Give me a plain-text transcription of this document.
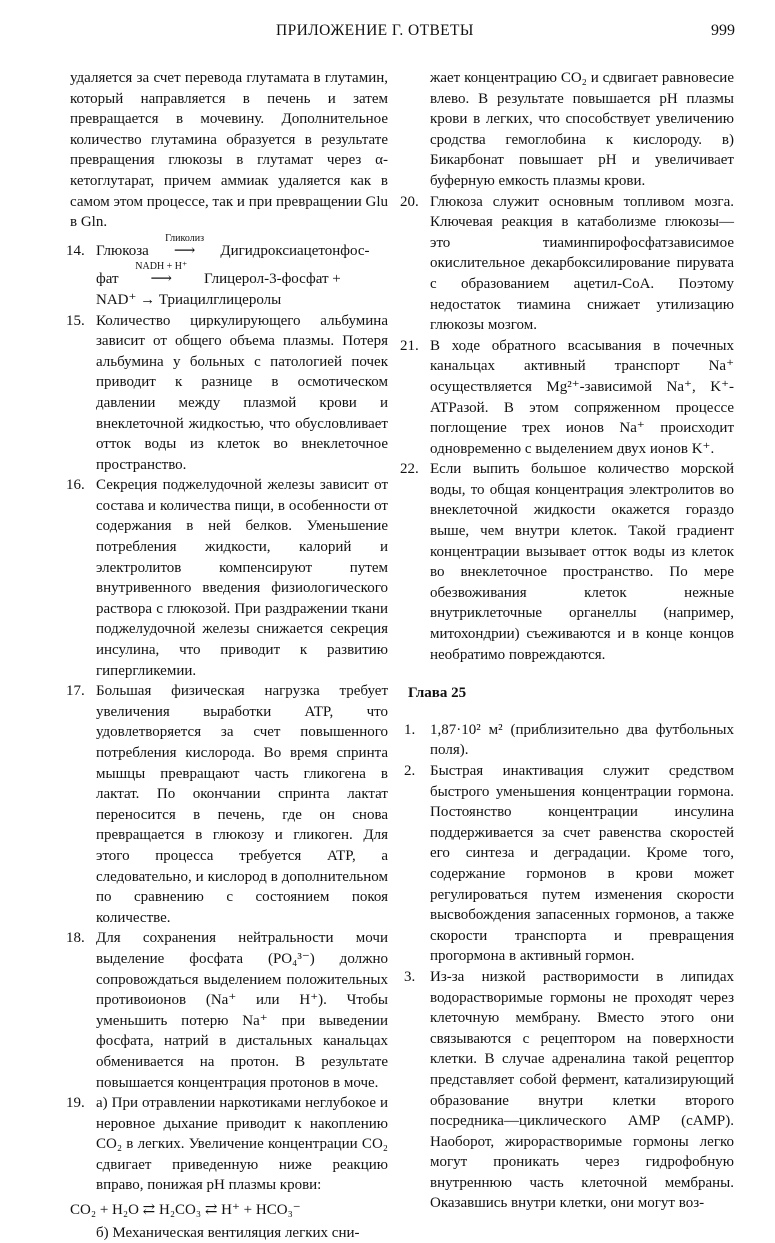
ПРИЛОЖЕНИЕ Г. ОТВЕТЫ	999

удаляется за счет перевода глутамата в глутамин, который направляется в печень и затем превращается в мочевину. Дополнительное количество глутамина образуется в результате превращения глюкозы в глутамат через α-кетоглутарат, причем аммиак удаляется как в самом этом процессе, так и при превращении Glu в Gln.

14. Глюкоза
Гликолиз
⟶ Дигидроксиацетонфос-
фат
NADH + H⁺
⟶ Глицерол-3-фосфат +
NAD⁺ → Триацилглицеролы
15. Количество циркулирующего альбумина зависит от общего объема плазмы. Потеря альбумина у больных с патологией почек приводит к разнице в осмотическом давлении между плазмой крови и внеклеточной жидкостью, что обусловливает отток воды из клеток во внеклеточное пространство.

16. Секреция поджелудочной железы зависит от состава и количества пищи, в особенности от содержания в ней белков. Уменьшение потребления жидкости, калорий и электролитов компенсируют путем внутривенного введения физиологического раствора с глюкозой. При раздражении ткани поджелудочной железы снижается секреция инсулина, что приводит к развитию гипергликемии.

17. Большая физическая нагрузка требует увеличения выработки ATP, что удовлетворяется за счет повышенного потребления кислорода. Во время спринта мышцы превращают часть гликогена в лактат. По окончании спринта лактат переносится в печень, где он снова превращается в глюкозу и гликоген. Для этого процесса требуется ATP, а следовательно, и кислород в дополнительном по сравнению с состоянием покоя количестве.

18. Для сохранения нейтральности мочи выделение фосфата (PO₄³⁻) должно сопровождаться выделением положительных противоионов (Na⁺ или H⁺). Чтобы уменьшить потерю Na⁺ при выведении фосфата, натрий в дистальных канальцах обменивается на протон. В результате повышается концентрация протонов в моче.

19. а) При отравлении наркотиками неглубокое и неровное дыхание приводит к накоплению CO₂ в легких. Увеличение концентрации CO₂ сдвигает приведенную ниже реакцию вправо, понижая pH плазмы крови:

CO₂ + H₂O ⇄ H₂CO₃ ⇄ H⁺ + HCO₃⁻

б) Механическая вентиляция легких сни-

жает концентрацию CO₂ и сдвигает равновесие влево. В результате повышается pH плазмы крови в легких, что способствует увеличению сродства гемоглобина к кислороду. в) Бикарбонат повышает pH и увеличивает буферную емкость плазмы крови.

20. Глюкоза служит основным топливом мозга. Ключевая реакция в катаболизме глюкозы—это тиаминпирофосфатзависимое окислительное декарбоксилирование пирувата с образованием ацетил-CoA. Поэтому недостаток тиамина снижает утилизацию глюкозы мозгом.

21. В ходе обратного всасывания в почечных канальцах активный транспорт Na⁺ осуществляется Mg²⁺-зависимой Na⁺, K⁺-ATPазой. В этом сопряженном процессе поглощение трех ионов Na⁺ происходит одновременно с выделением двух ионов K⁺.

22. Если выпить большое количество морской воды, то общая концентрация электролитов во внеклеточной жидкости окажется гораздо выше, чем внутри клеток. Такой градиент концентрации вызывает отток воды из клеток во внеклеточное пространство. По мере обезвоживания клеток нежные внутриклеточные органеллы (например, митохондрии) съеживаются и в конце концов необратимо повреждаются.

Глава 25
1. 1,87·10² м² (приблизительно два футбольных поля).

2. Быстрая инактивация служит средством быстрого уменьшения концентрации гормона. Постоянство концентрации инсулина поддерживается за счет равенства скоростей его синтеза и деградации. Кроме того, содержание гормонов в крови может регулироваться путем изменения скорости высвобождения запасенных гормонов, а также скорости транспорта и превращения прогормона в активный гормон.

3. Из-за низкой растворимости в липидах водорастворимые гормоны не проходят через клеточную мембрану. Вместо этого они связываются с рецептором на поверхности клетки. В случае адреналина такой рецептор представляет собой фермент, катализирующий образование внутри клетки второго посредника—циклического AMP (cAMP). Наоборот, жирорастворимые гормоны легко могут проникать через гидрофобную внутреннюю часть клеточной мембраны. Оказавшись внутри клетки, они могут воз-
